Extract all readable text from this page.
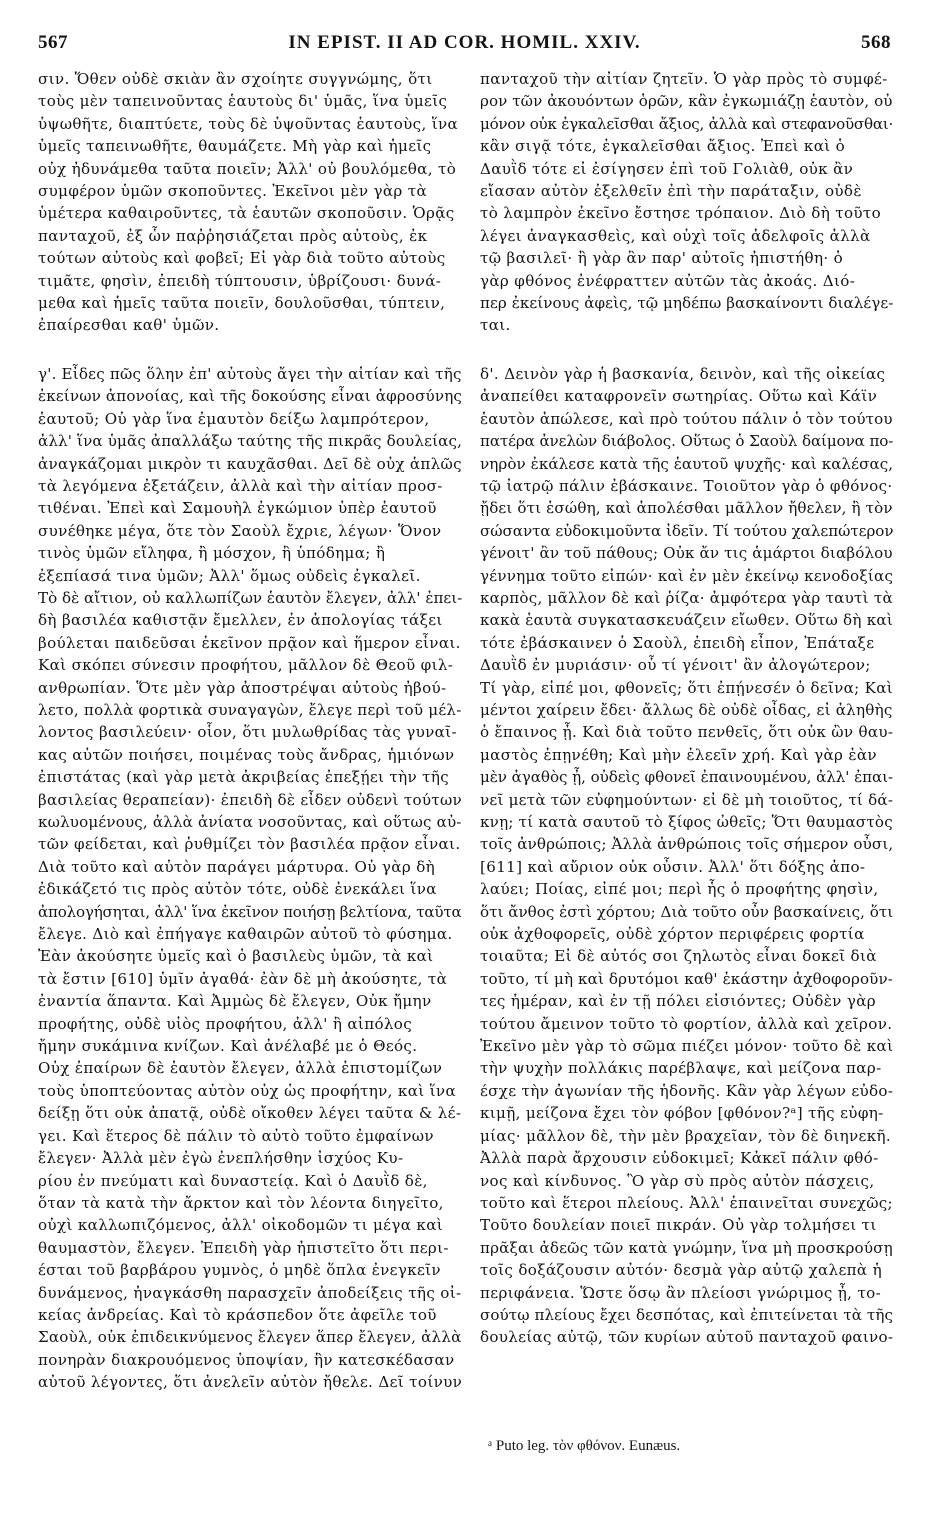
567	IN EPIST. II AD COR. HOMIL. XXIV.	568

σιν. Ὅθεν οὐδὲ σκιὰν ἂν σχοίητε συγγνώμης, ὅτι
τοὺς μὲν ταπεινοῦντας ἑαυτοὺς δι' ὑμᾶς, ἵνα ὑμεῖς
ὑψωθῆτε, διαπτύετε, τοὺς δὲ ὑψοῦντας ἑαυτοὺς, ἵνα
ὑμεῖς ταπεινωθῆτε, θαυμάζετε. Μὴ γὰρ καὶ ἡμεῖς
οὐχ ἠδυνάμεθα ταῦτα ποιεῖν; Ἀλλ' οὐ βουλόμεθα, τὸ
συμφέρον ὑμῶν σκοποῦντες. Ἐκεῖνοι μὲν γὰρ τὰ
ὑμέτερα καθαιροῦντες, τὰ ἑαυτῶν σκοποῦσιν. Ὁρᾷς
πανταχοῦ, ἐξ ὧν παῤῥησιάζεται πρὸς αὐτοὺς, ἐκ
τούτων αὐτοὺς καὶ φοβεῖ; Εἰ γὰρ διὰ τοῦτο αὐτοὺς
τιμᾶτε, φησὶν, ἐπειδὴ τύπτουσιν, ὑβρίζουσι· δυνά-
μεθα καὶ ἡμεῖς ταῦτα ποιεῖν, δουλοῦσθαι, τύπτειν,
ἐπαίρεσθαι καθ' ὑμῶν.

γ'. Εἶδες πῶς ὅλην ἐπ' αὐτοὺς ἄγει τὴν αἰτίαν καὶ τῆς
ἐκείνων ἀπονοίας, καὶ τῆς δοκούσης εἶναι ἀφροσύνης
ἑαυτοῦ; Οὐ γὰρ ἵνα ἐμαυτὸν δείξω λαμπρότερον,
ἀλλ' ἵνα ὑμᾶς ἀπαλλάξω ταύτης τῆς πικρᾶς δουλείας,
ἀναγκάζομαι μικρὸν τι καυχᾶσθαι. Δεῖ δὲ οὐχ ἁπλῶς
τὰ λεγόμενα ἐξετάζειν, ἀλλὰ καὶ τὴν αἰτίαν προσ-
τιθέναι. Ἐπεὶ καὶ Σαμουὴλ ἐγκώμιον ὑπὲρ ἑαυτοῦ
συνέθηκε μέγα, ὅτε τὸν Σαοὺλ ἔχριε, λέγων· Ὅνον
τινὸς ὑμῶν εἴληφα, ἢ μόσχον, ἢ ὑπόδημα; ἢ
ἐξεπίασά τινα ὑμῶν; Ἀλλ' ὅμως οὐδεὶς ἐγκαλεῖ.
Τὸ δὲ αἴτιον, οὐ καλλωπίζων ἑαυτὸν ἔλεγεν, ἀλλ' ἐπει-
δὴ βασιλέα καθιστᾷν ἔμελλεν, ἐν ἀπολογίας τάξει
βούλεται παιδεῦσαι ἐκεῖνον πρᾷον καὶ ἥμερον εἶναι.
Καὶ σκόπει σύνεσιν προφήτου, μᾶλλον δὲ Θεοῦ φιλ-
ανθρωπίαν. Ὅτε μὲν γὰρ ἀποστρέψαι αὐτοὺς ἠβού-
λετο, πολλὰ φορτικὰ συναγαγὼν, ἔλεγε περὶ τοῦ μέλ-
λοντος βασιλεύειν· οἷον, ὅτι μυλωθρίδας τὰς γυναῖ-
κας αὐτῶν ποιήσει, ποιμένας τοὺς ἄνδρας, ἡμιόνων
ἐπιστάτας (καὶ γὰρ μετὰ ἀκριβείας ἐπεξῄει τὴν τῆς
βασιλείας θεραπείαν)· ἐπειδὴ δὲ εἶδεν οὐδενὶ τούτων
κωλυομένους, ἀλλὰ ἀνίατα νοσοῦντας, καὶ οὕτως αὐ-
τῶν φείδεται, καὶ ῥυθμίζει τὸν βασιλέα πρᾷον εἶναι.
Διὰ τοῦτο καὶ αὐτὸν παράγει μάρτυρα. Οὐ γὰρ δὴ
ἐδικάζετό τις πρὸς αὐτὸν τότε, οὐδὲ ἐνεκάλει ἵνα
ἀπολογήσηται, ἀλλ' ἵνα ἐκεῖνον ποιήσῃ βελτίονα, ταῦτα
ἔλεγε. Διὸ καὶ ἐπήγαγε καθαιρῶν αὐτοῦ τὸ φύσημα.
Ἐὰν ἀκούσητε ὑμεῖς καὶ ὁ βασιλεὺς ὑμῶν, τὰ καὶ
τὰ ἔστιν [610] ὑμῖν ἀγαθά· ἐὰν δὲ μὴ ἀκούσητε, τὰ
ἐναντία ἅπαντα. Καὶ Ἀμμὼς δὲ ἔλεγεν, Οὐκ ἤμην
προφήτης, οὐδὲ υἱὸς προφήτου, ἀλλ' ἢ αἰπόλος
ἤμην συκάμινα κνίζων. Καὶ ἀνέλαβέ με ὁ Θεός.
Οὐχ ἐπαίρων δὲ ἑαυτὸν ἔλεγεν, ἀλλὰ ἐπιστομίζων
τοὺς ὑποπτεύοντας αὐτὸν οὐχ ὡς προφήτην, καὶ ἵνα
δείξῃ ὅτι οὐκ ἀπατᾷ, οὐδὲ οἴκοθεν λέγει ταῦτα & λέ-
γει. Καὶ ἕτερος δὲ πάλιν τὸ αὐτὸ τοῦτο ἐμφαίνων
ἔλεγεν· Ἀλλὰ μὲν ἐγὼ ἐνεπλήσθην ἰσχύος Κυ-
ρίου ἐν πνεύματι καὶ δυναστείᾳ. Καὶ ὁ Δαυῒδ δὲ,
ὅταν τὰ κατὰ τὴν ἄρκτον καὶ τὸν λέοντα διηγεῖτο,
οὐχὶ καλλωπιζόμενος, ἀλλ' οἰκοδομῶν τι μέγα καὶ
θαυμαστὸν, ἔλεγεν. Ἐπειδὴ γὰρ ἠπιστεῖτο ὅτι περι-
έσται τοῦ βαρβάρου γυμνὸς, ὁ μηδὲ ὅπλα ἐνεγκεῖν
δυνάμενος, ἠναγκάσθη παρασχεῖν ἀποδείξεις τῆς οἰ-
κείας ἀνδρείας. Καὶ τὸ κράσπεδον ὅτε ἀφεῖλε τοῦ
Σαοὺλ, οὐκ ἐπιδεικνύμενος ἔλεγεν ἅπερ ἔλεγεν, ἀλλὰ
πονηρὰν διακρουόμενος ὑποψίαν, ἣν κατεσκέδασαν
αὐτοῦ λέγοντες, ὅτι ἀνελεῖν αὐτὸν ἤθελε. Δεῖ τοίνυν

πανταχοῦ τὴν αἰτίαν ζητεῖν. Ὁ γὰρ πρὸς τὸ συμφέ-
ρον τῶν ἀκουόντων ὁρῶν, κἂν ἐγκωμιάζῃ ἑαυτὸν, οὐ
μόνον οὐκ ἐγκαλεῖσθαι ἄξιος, ἀλλὰ καὶ στεφανοῦσθαι·
κἂν σιγᾷ τότε, ἐγκαλεῖσθαι ἄξιος. Ἐπεὶ καὶ ὁ
Δαυῒδ τότε εἰ ἐσίγησεν ἐπὶ τοῦ Γολιὰθ, οὐκ ἂν
εἴασαν αὐτὸν ἐξελθεῖν ἐπὶ τὴν παράταξιν, οὐδὲ
τὸ λαμπρὸν ἐκεῖνο ἔστησε τρόπαιον. Διὸ δὴ τοῦτο
λέγει ἀναγκασθεὶς, καὶ οὐχὶ τοῖς ἀδελφοῖς ἀλλὰ
τῷ βασιλεῖ· ἢ γὰρ ἂν παρ' αὐτοῖς ἠπιστήθη· ὁ
γὰρ φθόνος ἐνέφραττεν αὐτῶν τὰς ἀκοάς. Διό-
περ ἐκείνους ἀφεὶς, τῷ μηδέπω βασκαίνοντι διαλέγε-
ται.

δ'. Δεινὸν γὰρ ἡ βασκανία, δεινὸν, καὶ τῆς οἰκείας
ἀναπείθει καταφρονεῖν σωτηρίας. Οὕτω καὶ Κάϊν
ἑαυτὸν ἀπώλεσε, καὶ πρὸ τούτου πάλιν ὁ τὸν τούτου
πατέρα ἀνελὼν διάβολος. Οὕτως ὁ Σαοὺλ δαίμονα πο-
νηρὸν ἐκάλεσε κατὰ τῆς ἑαυτοῦ ψυχῆς· καὶ καλέσας,
τῷ ἰατρῷ πάλιν ἐβάσκαινε. Τοιοῦτον γὰρ ὁ φθόνος·
ᾔδει ὅτι ἐσώθη, καὶ ἀπολέσθαι μᾶλλον ἤθελεν, ἢ τὸν
σώσαντα εὐδοκιμοῦντα ἰδεῖν. Τί τούτου χαλεπώτερον
γένοιτ' ἂν τοῦ πάθους; Οὐκ ἄν τις ἁμάρτοι διαβόλου
γέννημα τοῦτο εἰπών· καὶ ἐν μὲν ἐκείνῳ κενοδοξίας
καρπὸς, μᾶλλον δὲ καὶ ῥίζα· ἀμφότερα γὰρ ταυτὶ τὰ
κακὰ ἑαυτὰ συγκατασκευάζειν εἴωθεν. Οὕτω δὴ καὶ
τότε ἐβάσκαινεν ὁ Σαοὺλ, ἐπειδὴ εἶπον, Ἐπάταξε
Δαυῒδ ἐν μυριάσιν· οὗ τί γένοιτ' ἂν ἀλογώτερον;
Τί γὰρ, εἰπέ μοι, φθονεῖς; ὅτι ἐπῄνεσέν ὁ δεῖνα; Καὶ
μέντοι χαίρειν ἔδει· ἄλλως δὲ οὐδὲ οἶδας, εἰ ἀληθὴς
ὁ ἔπαινος ᾖ. Καὶ διὰ τοῦτο πενθεῖς, ὅτι οὐκ ὢν θαυ-
μαστὸς ἐπῃνέθη; Καὶ μὴν ἐλεεῖν χρή. Καὶ γὰρ ἐὰν
μὲν ἀγαθὸς ᾖ, οὐδεὶς φθονεῖ ἐπαινουμένου, ἀλλ' ἐπαι-
νεῖ μετὰ τῶν εὐφημούντων· εἰ δὲ μὴ τοιοῦτος, τί δά-
κνῃ; τί κατὰ σαυτοῦ τὸ ξίφος ὠθεῖς; Ὅτι θαυμαστὸς
τοῖς ἀνθρώποις; Ἀλλὰ ἀνθρώποις τοῖς σήμερον οὖσι,
[611] καὶ αὔριον οὐκ οὖσιν. Ἀλλ' ὅτι δόξης ἀπο-
λαύει; Ποίας, εἰπέ μοι; περὶ ἧς ὁ προφήτης φησὶν,
ὅτι ἄνθος ἐστὶ χόρτου; Διὰ τοῦτο οὖν βασκαίνεις, ὅτι
οὐκ ἀχθοφορεῖς, οὐδὲ χόρτον περιφέρεις φορτία
τοιαῦτα; Εἰ δὲ αὐτός σοι ζηλωτὸς εἶναι δοκεῖ διὰ
τοῦτο, τί μὴ καὶ δρυτόμοι καθ' ἑκάστην ἀχθοφοροῦν-
τες ἡμέραν, καὶ ἐν τῇ πόλει εἰσιόντες; Οὐδὲν γὰρ
τούτου ἄμεινον τοῦτο τὸ φορτίον, ἀλλὰ καὶ χεῖρον.
Ἐκεῖνο μὲν γὰρ τὸ σῶμα πιέζει μόνον· τοῦτο δὲ καὶ
τὴν ψυχὴν πολλάκις παρέβλαψε, καὶ μείζονα παρ-
έσχε τὴν ἀγωνίαν τῆς ἡδονῆς. Κἂν γὰρ λέγων εὐδο-
κιμῇ, μείζονα ἔχει τὸν φόβον [φθόνον?ᵃ] τῆς εὐφη-
μίας· μᾶλλον δὲ, τὴν μὲν βραχεῖαν, τὸν δὲ διηνεκῆ.
Ἀλλὰ παρὰ ἄρχουσιν εὐδοκιμεῖ; Κἀκεῖ πάλιν φθό-
νος καὶ κίνδυνος. Ὃ γὰρ σὺ πρὸς αὐτὸν πάσχεις,
τοῦτο καὶ ἕτεροι πλείους. Ἀλλ' ἐπαινεῖται συνεχῶς;
Τοῦτο δουλείαν ποιεῖ πικράν. Οὐ γὰρ τολμήσει τι
πρᾶξαι ἀδεῶς τῶν κατὰ γνώμην, ἵνα μὴ προσκρούσῃ
τοῖς δοξάζουσιν αὐτόν· δεσμὰ γὰρ αὐτῷ χαλεπὰ ἡ
περιφάνεια. Ὥστε ὅσῳ ἂν πλείοσι γνώριμος ᾖ, το-
σούτῳ πλείους ἔχει δεσπότας, καὶ ἐπιτείνεται τὰ τῆς
δουλείας αὐτῷ, τῶν κυρίων αὐτοῦ πανταχοῦ φαινο-

ᵃ Puto leg. τὸν φθόνον. Eunæus.
